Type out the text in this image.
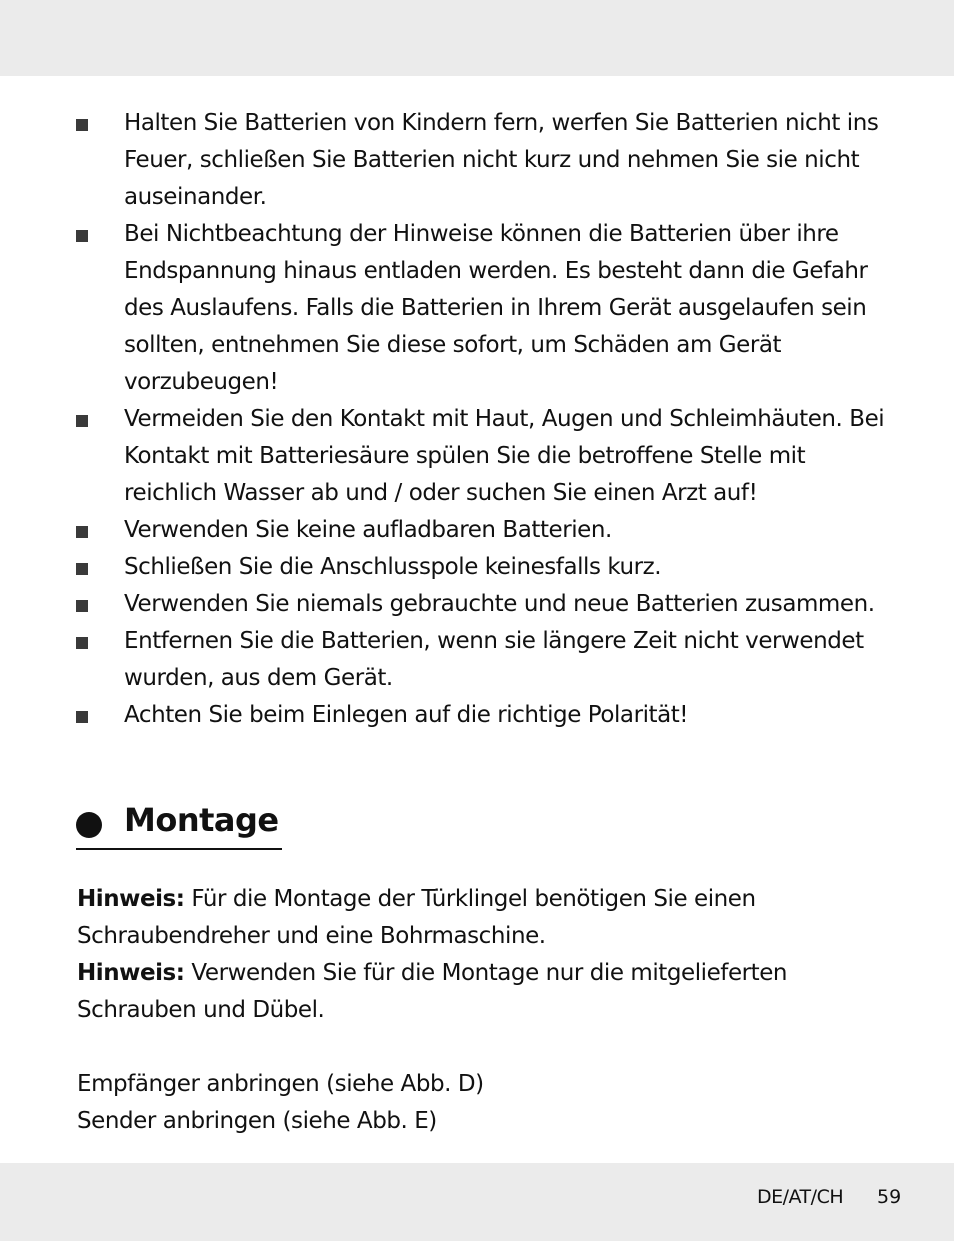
Halten Sie Batterien von Kindern fern, werfen Sie Batterien nicht ins Feuer, schließen Sie Batterien nicht kurz und nehmen Sie sie nicht auseinander.
Bei Nichtbeachtung der Hinweise können die Batterien über ihre Endspannung hinaus entladen werden. Es besteht dann die Gefahr des Auslaufens. Falls die Batterien in Ihrem Gerät ausgelaufen sein sollten, entnehmen Sie diese sofort, um Schäden am Gerät vorzubeugen!
Vermeiden Sie den Kontakt mit Haut, Augen und Schleimhäuten. Bei Kontakt mit Batteriesäure spülen Sie die betroffene Stelle mit reichlich Wasser ab und / oder suchen Sie einen Arzt auf!
Verwenden Sie keine aufladbaren Batterien.
Schließen Sie die Anschlusspole keinesfalls kurz.
Verwenden Sie niemals gebrauchte und neue Batterien zusammen.
Entfernen Sie die Batterien, wenn sie längere Zeit nicht verwendet wurden, aus dem Gerät.
Achten Sie beim Einlegen auf die richtige Polarität!
Montage

Hinweis: Für die Montage der Türklingel benötigen Sie einen Schraubendreher und eine Bohrmaschine.

Hinweis: Verwenden Sie für die Montage nur die mitgelieferten Schrauben und Dübel.

Empfänger anbringen (siehe Abb. D)
Sender anbringen (siehe Abb. E)
DE/AT/CH 59
